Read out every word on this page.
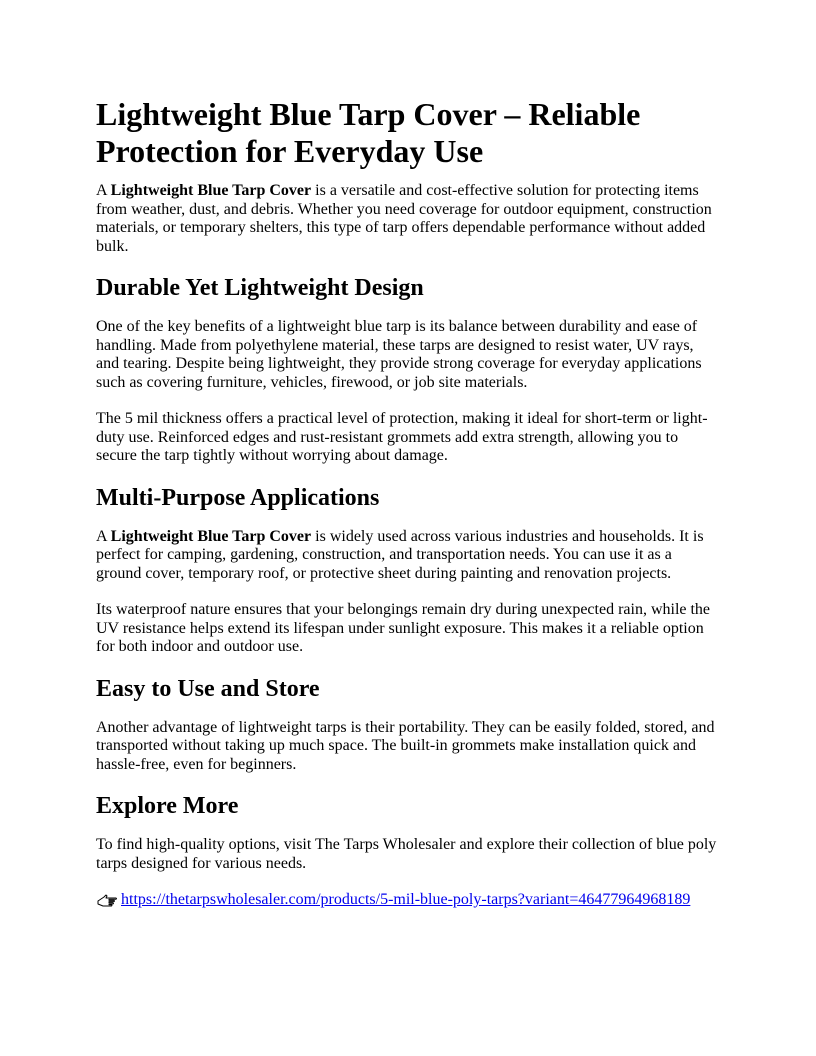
Lightweight Blue Tarp Cover – Reliable Protection for Everyday Use

A Lightweight Blue Tarp Cover is a versatile and cost-effective solution for protecting items from weather, dust, and debris. Whether you need coverage for outdoor equipment, construction materials, or temporary shelters, this type of tarp offers dependable performance without added bulk.

Durable Yet Lightweight Design

One of the key benefits of a lightweight blue tarp is its balance between durability and ease of handling. Made from polyethylene material, these tarps are designed to resist water, UV rays, and tearing. Despite being lightweight, they provide strong coverage for everyday applications such as covering furniture, vehicles, firewood, or job site materials.

The 5 mil thickness offers a practical level of protection, making it ideal for short-term or light-duty use. Reinforced edges and rust-resistant grommets add extra strength, allowing you to secure the tarp tightly without worrying about damage.

Multi-Purpose Applications

A Lightweight Blue Tarp Cover is widely used across various industries and households. It is perfect for camping, gardening, construction, and transportation needs. You can use it as a ground cover, temporary roof, or protective sheet during painting and renovation projects.

Its waterproof nature ensures that your belongings remain dry during unexpected rain, while the UV resistance helps extend its lifespan under sunlight exposure. This makes it a reliable option for both indoor and outdoor use.

Easy to Use and Store

Another advantage of lightweight tarps is their portability. They can be easily folded, stored, and transported without taking up much space. The built-in grommets make installation quick and hassle-free, even for beginners.

Explore More

To find high-quality options, visit The Tarps Wholesaler and explore their collection of blue poly tarps designed for various needs.

https://thetarpswholesaler.com/products/5-mil-blue-poly-tarps?variant=46477964968189
